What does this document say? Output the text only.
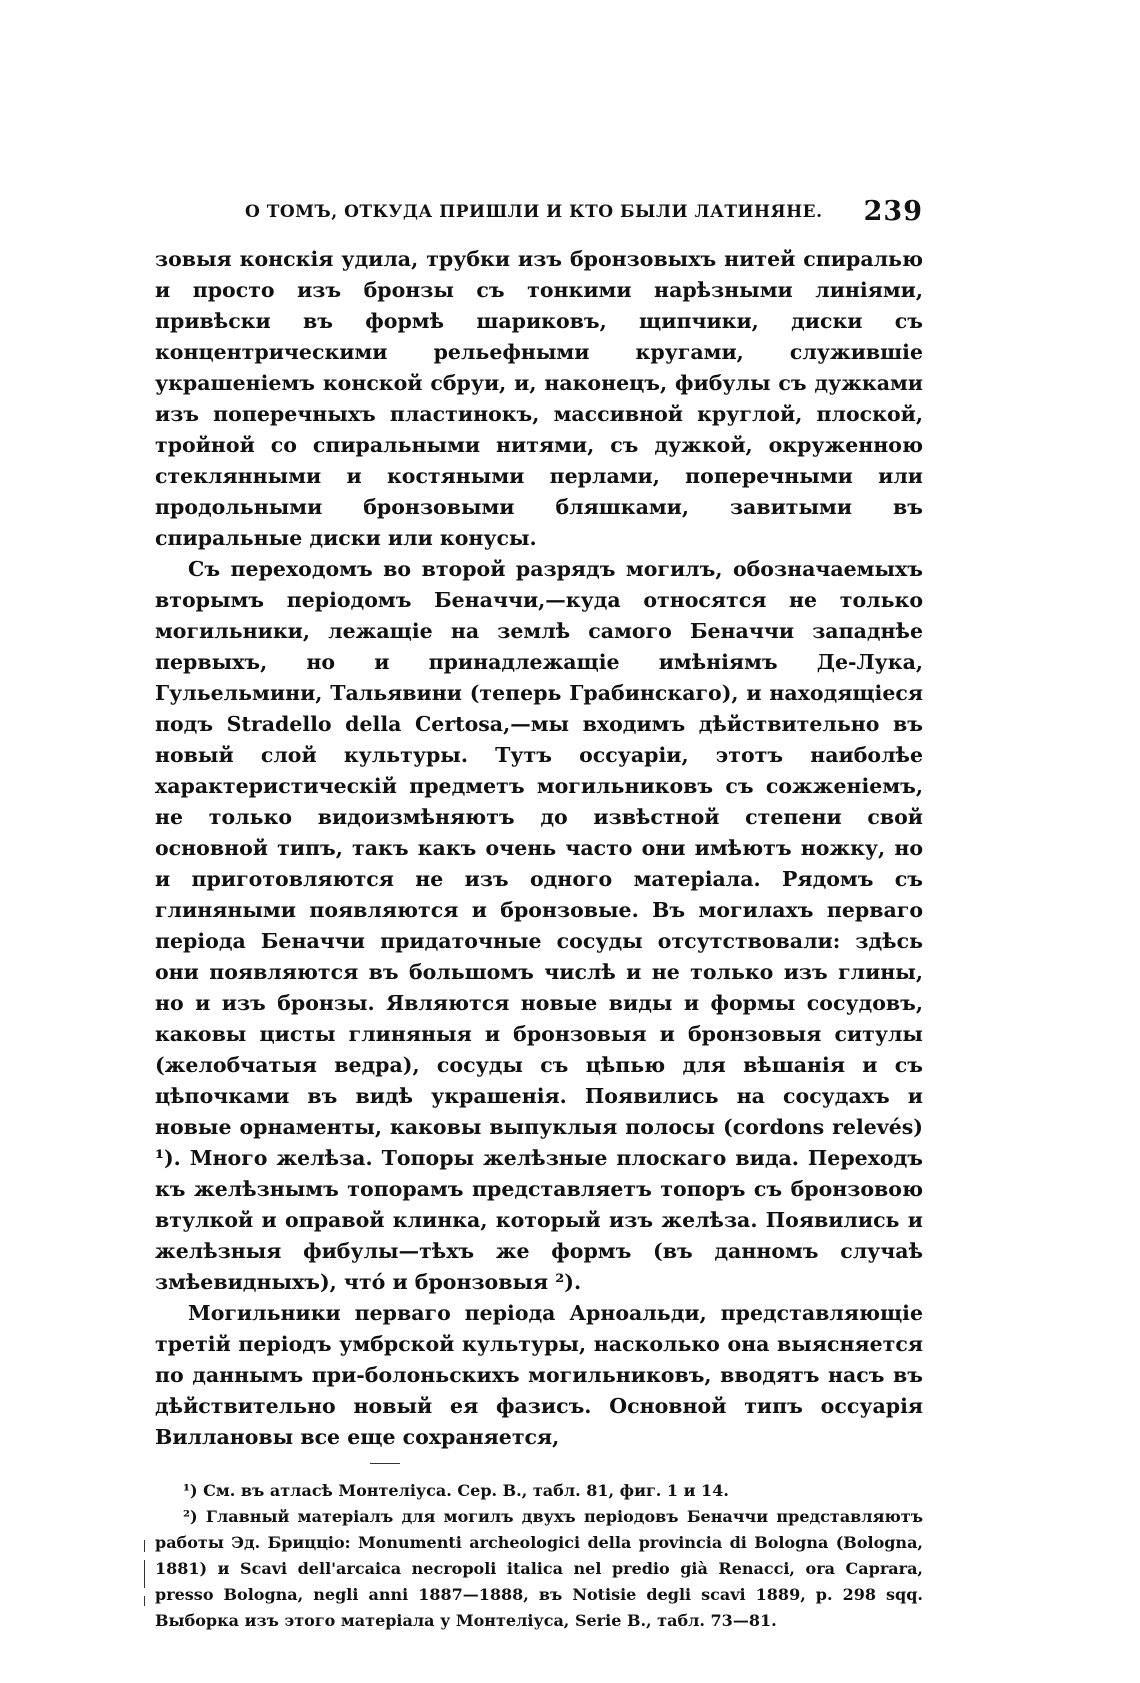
О ТОМЪ, ОТКУДА ПРИШЛИ И КТО БЫЛИ ЛАТИНЯНЕ. 239

зовыя конскія удила, трубки изъ бронзовыхъ нитей спиралью и просто изъ бронзы съ тонкими нарѣзными линіями, привѣски въ формѣ шариковъ, щипчики, диски съ концентрическими рельефными кругами, служившіе украшеніемъ конской сбруи, и, наконецъ, фибулы съ дужками изъ поперечныхъ пластинокъ, массивной круглой, плоской, тройной со спиральными нитями, съ дужкой, окруженною стеклянными и костяными перлами, поперечными или продольными бронзовыми бляшками, завитыми въ спиральные диски или конусы.

Съ переходомъ во второй разрядъ могилъ, обозначаемыхъ вторымъ періодомъ Беначчи,—куда относятся не только могильники, лежащіе на землѣ самого Беначчи западнѣе первыхъ, но и принадлежащіе имѣніямъ Де-Лука, Гульельмини, Тальявини (теперь Грабинскаго), и находящіеся подъ Stradello della Certosa,—мы входимъ дѣйствительно въ новый слой культуры. Тутъ оссуаріи, этотъ наиболѣе характеристическій предметъ могильниковъ съ сожженіемъ, не только видоизмѣняютъ до извѣстной степени свой основной типъ, такъ какъ очень часто они имѣютъ ножку, но и приготовляются не изъ одного матеріала. Рядомъ съ глиняными появляются и бронзовые. Въ могилахъ перваго періода Беначчи придаточные сосуды отсутствовали: здѣсь они появляются въ большомъ числѣ и не только изъ глины, но и изъ бронзы. Являются новые виды и формы сосудовъ, каковы цисты глиняныя и бронзовыя и бронзовыя ситулы (желобчатыя ведра), сосуды съ цѣпью для вѣшанія и съ цѣпочками въ видѣ украшенія. Появились на сосудахъ и новые орнаменты, каковы выпуклыя полосы (cordons relevés) ¹). Много желѣза. Топоры желѣзные плоскаго вида. Переходъ къ желѣзнымъ топорамъ представляетъ топоръ съ бронзовою втулкой и оправой клинка, который изъ желѣза. Появились и желѣзныя фибулы—тѣхъ же формъ (въ данномъ случаѣ змѣевидныхъ), что́ и бронзовыя ²).

Могильники перваго періода Арноальди, представляющіе третій періодъ умбрской культуры, насколько она выясняется по даннымъ при-болоньскихъ могильниковъ, вводятъ насъ въ дѣйствительно новый ея фазисъ. Основной типъ оссуарія Виллановы все еще сохраняется,

¹) См. въ атласѣ Монтеліуса. Сер. В., табл. 81, фиг. 1 и 14.

²) Главный матеріалъ для могилъ двухъ періодовъ Беначчи представляютъ работы Эд. Брицціо: Monumenti archeologici della provincia di Bologna (Bologna, 1881) и Scavi dell'arcaica necropoli italica nel predio già Renacci, ora Caprara, presso Bologna, negli anni 1887—1888, въ Notisie degli scavi 1889, р. 298 sqq. Выборка изъ этого матеріала у Монтеліуса, Serie В., табл. 73—81.
